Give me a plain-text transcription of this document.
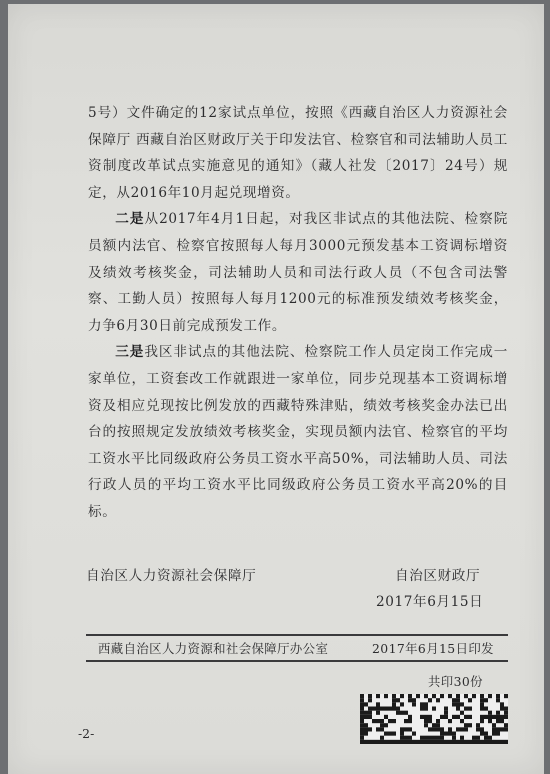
5号）文件确定的12家试点单位，按照《西藏自治区人力资源社会保障厅 西藏自治区财政厅关于印发法官、检察官和司法辅助人员工资制度改革试点实施意见的通知》（藏人社发〔2017〕24号）规定，从2016年10月起兑现增资。

二是从2017年4月1日起，对我区非试点的其他法院、检察院员额内法官、检察官按照每人每月3000元预发基本工资调标增资及绩效考核奖金，司法辅助人员和司法行政人员（不包含司法警察、工勤人员）按照每人每月1200元的标准预发绩效考核奖金，力争6月30日前完成预发工作。

三是我区非试点的其他法院、检察院工作人员定岗工作完成一家单位，工资套改工作就跟进一家单位，同步兑现基本工资调标增资及相应兑现按比例发放的西藏特殊津贴，绩效考核奖金办法已出台的按照规定发放绩效考核奖金，实现员额内法官、检察官的平均工资水平比同级政府公务员工资水平高50%，司法辅助人员、司法行政人员的平均工资水平比同级政府公务员工资水平高20%的目标。

自治区人力资源社会保障厅	自治区财政厅
2017年6月15日
西藏自治区人力资源和社会保障厅办公室	2017年6月15日印发
共印30份
-2-
